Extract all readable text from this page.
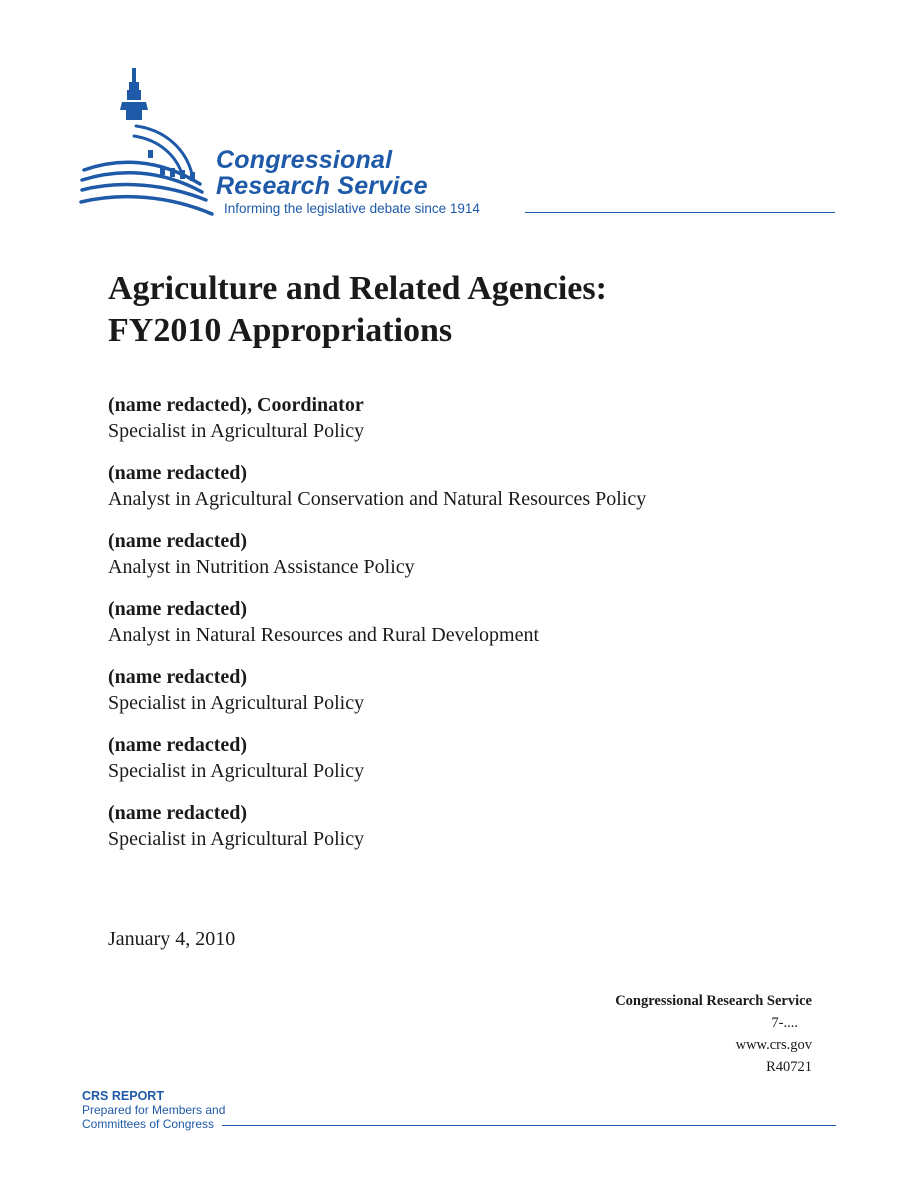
Congressional
Research Service
Informing the legislative debate since 1914
Agriculture and Related Agencies:
FY2010 Appropriations
(name redacted), Coordinator
Specialist in Agricultural Policy
(name redacted)
Analyst in Agricultural Conservation and Natural Resources Policy
(name redacted)
Analyst in Nutrition Assistance Policy
(name redacted)
Analyst in Natural Resources and Rural Development
(name redacted)
Specialist in Agricultural Policy
(name redacted)
Specialist in Agricultural Policy
(name redacted)
Specialist in Agricultural Policy
January 4, 2010
Congressional Research Service
7-....
www.crs.gov
R40721
CRS REPORT
Prepared for Members and
Committees of Congress
